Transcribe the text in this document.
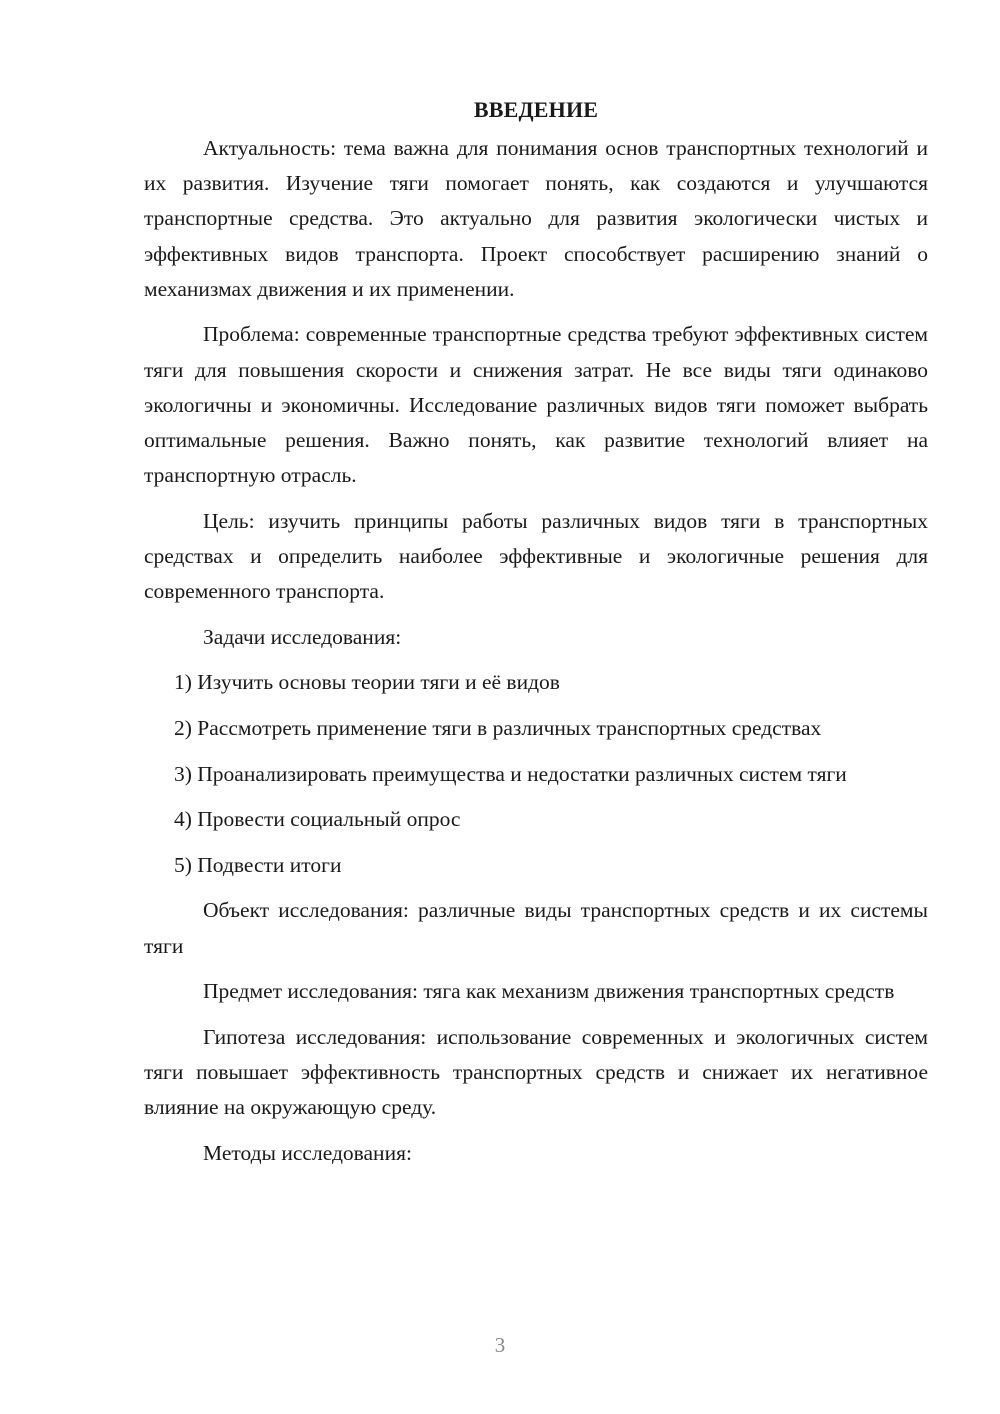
ВВЕДЕНИЕ

Актуальность: тема важна для понимания основ транспортных технологий и их развития. Изучение тяги помогает понять, как создаются и улучшаются транспортные средства. Это актуально для развития экологически чистых и эффективных видов транспорта. Проект способствует расширению знаний о механизмах движения и их применении.

Проблема: современные транспортные средства требуют эффективных систем тяги для повышения скорости и снижения затрат. Не все виды тяги одинаково экологичны и экономичны. Исследование различных видов тяги поможет выбрать оптимальные решения. Важно понять, как развитие технологий влияет на транспортную отрасль.

Цель: изучить принципы работы различных видов тяги в транспортных средствах и определить наиболее эффективные и экологичные решения для современного транспорта.

Задачи исследования:

1) Изучить основы теории тяги и её видов

2) Рассмотреть применение тяги в различных транспортных средствах

3) Проанализировать преимущества и недостатки различных систем тяги

4) Провести социальный опрос

5) Подвести итоги

Объект исследования: различные виды транспортных средств и их системы тяги

Предмет исследования: тяга как механизм движения транспортных средств

Гипотеза исследования: использование современных и экологичных систем тяги повышает эффективность транспортных средств и снижает их негативное влияние на окружающую среду.

Методы исследования:

3
